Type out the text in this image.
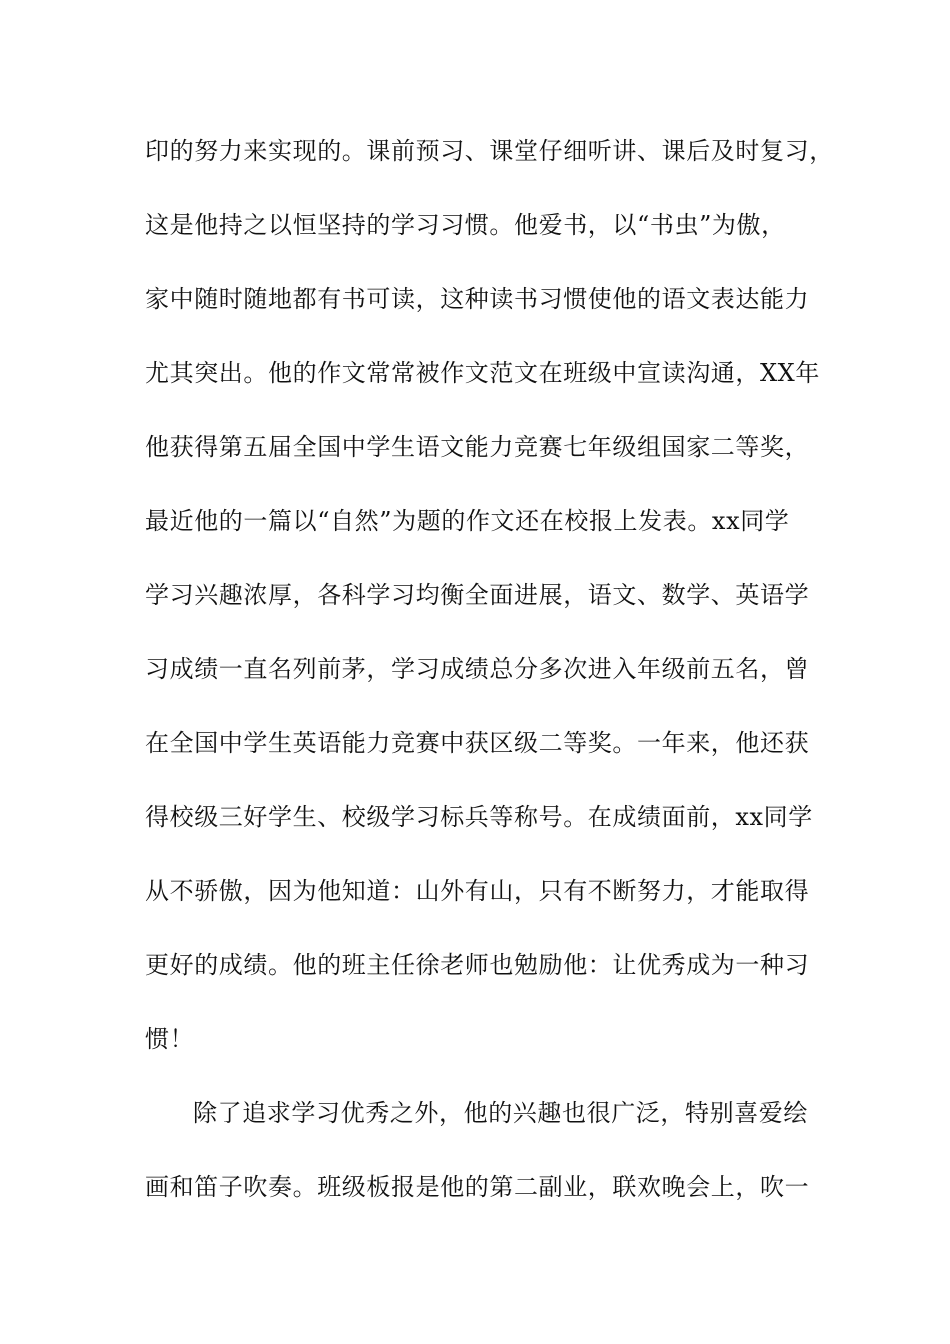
印的努力来实现的。课前预习、课堂仔细听讲、课后及时复习，
这是他持之以恒坚持的学习习惯。他爱书，以“书虫”为傲，
家中随时随地都有书可读，这种读书习惯使他的语文表达能力
尤其突出。他的作文常常被作文范文在班级中宣读沟通，XX年
他获得第五届全国中学生语文能力竞赛七年级组国家二等奖，
最近他的一篇以“自然”为题的作文还在校报上发表。xx同学
学习兴趣浓厚，各科学习均衡全面进展，语文、数学、英语学
习成绩一直名列前茅，学习成绩总分多次进入年级前五名，曾
在全国中学生英语能力竞赛中获区级二等奖。一年来，他还获
得校级三好学生、校级学习标兵等称号。在成绩面前，xx同学
从不骄傲，因为他知道：山外有山，只有不断努力，才能取得
更好的成绩。他的班主任徐老师也勉励他：让优秀成为一种习
惯！
除了追求学习优秀之外，他的兴趣也很广泛，特别喜爱绘
画和笛子吹奏。班级板报是他的第二副业，联欢晚会上，吹一
